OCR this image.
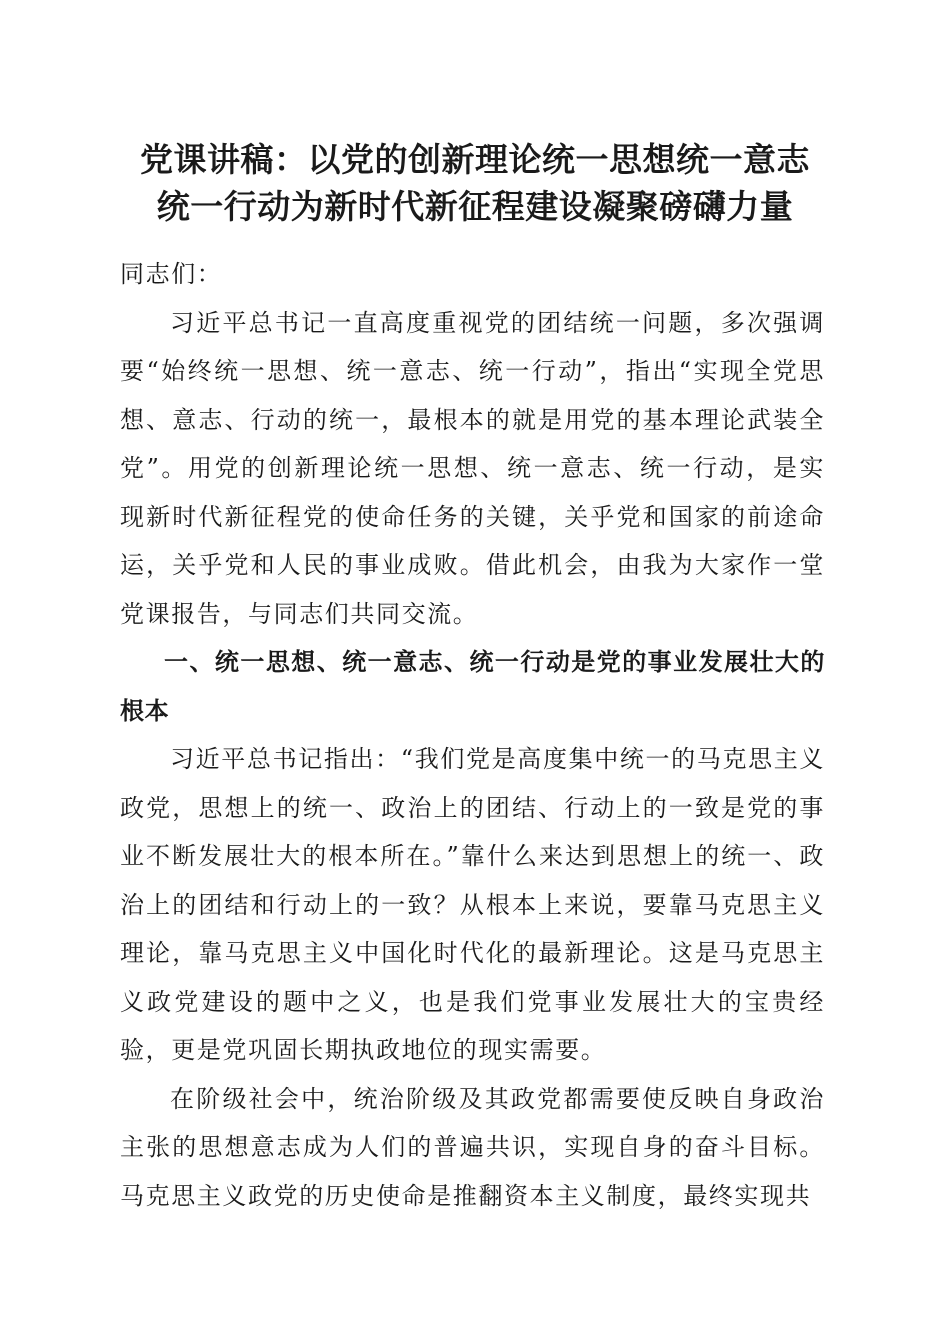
党课讲稿：以党的创新理论统一思想统一意志
统一行动为新时代新征程建设凝聚磅礴力量

同志们：

习近平总书记一直高度重视党的团结统一问题，多次强调要“始终统一思想、统一意志、统一行动”，指出“实现全党思想、意志、行动的统一，最根本的就是用党的基本理论武装全党”。用党的创新理论统一思想、统一意志、统一行动，是实现新时代新征程党的使命任务的关键，关乎党和国家的前途命运，关乎党和人民的事业成败。借此机会，由我为大家作一堂党课报告，与同志们共同交流。

一、统一思想、统一意志、统一行动是党的事业发展壮大的根本

习近平总书记指出：“我们党是高度集中统一的马克思主义政党，思想上的统一、政治上的团结、行动上的一致是党的事业不断发展壮大的根本所在。”靠什么来达到思想上的统一、政治上的团结和行动上的一致？从根本上来说，要靠马克思主义理论，靠马克思主义中国化时代化的最新理论。这是马克思主义政党建设的题中之义，也是我们党事业发展壮大的宝贵经验，更是党巩固长期执政地位的现实需要。

在阶级社会中，统治阶级及其政党都需要使反映自身政治主张的思想意志成为人们的普遍共识，实现自身的奋斗目标。马克思主义政党的历史使命是推翻资本主义制度，最终实现共
